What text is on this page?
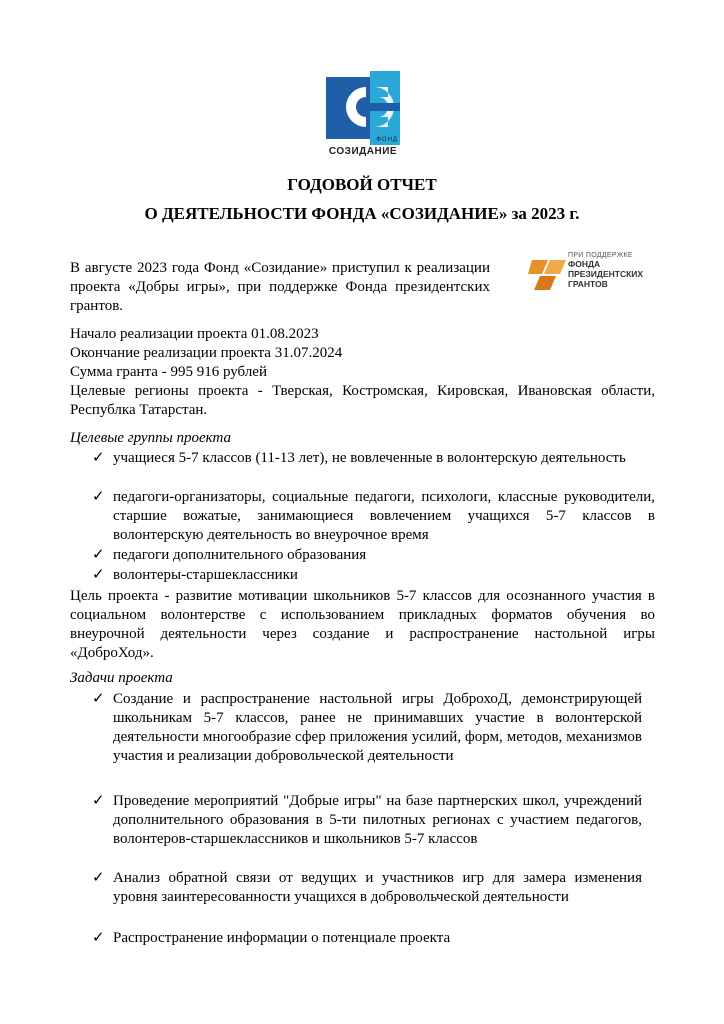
ФОНД
СОЗИДАНИЕ
ГОДОВОЙ ОТЧЕТ
О ДЕЯТЕЛЬНОСТИ ФОНДА «СОЗИДАНИЕ» за 2023 г.
В августе 2023 года Фонд «Созидание» приступил к реализации проекта «Добры игры», при поддержке Фонда президентских грантов.
ПРИ ПОДДЕРЖКЕ
ФОНДА
ПРЕЗИДЕНТСКИХ
ГРАНТОВ
Начало реализации проекта 01.08.2023
Окончание реализации проекта 31.07.2024
Сумма гранта - 995 916 рублей
Целевые регионы проекта - Тверская, Костромская, Кировская, Ивановская области, Республка Татарстан.
Целевые группы проекта
✓ учащиеся 5-7 классов (11-13 лет), не вовлеченные в волонтерскую деятельность
✓ педагоги-организаторы, социальные педагоги, психологи, классные руководители, старшие вожатые, занимающиеся вовлечением учащихся 5-7 классов в волонтерскую деятельность во внеурочное время
✓ педагоги дополнительного образования
✓ волонтеры-старшеклассники
Цель проекта - развитие мотивации школьников 5-7 классов для осознанного участия в социальном волонтерстве с использованием прикладных форматов обучения во внеурочной деятельности через создание и распространение настольной игры «ДоброХод».
Задачи проекта
✓ Создание и распространение настольной игры ДоброхоД, демонстрирующей школьникам 5-7 классов, ранее не принимавших участие в волонтерской деятельности многообразие сфер приложения усилий, форм, методов, механизмов участия и реализации добровольческой деятельности
✓ Проведение мероприятий "Добрые игры" на базе партнерских школ, учреждений дополнительного образования в 5-ти пилотных регионах с участием педагогов, волонтеров-старшеклассников и школьников 5-7 классов
✓ Анализ обратной связи от ведущих и участников игр для замера изменения уровня заинтересованности учащихся в добровольческой деятельности
✓ Распространение информации о потенциале проекта
